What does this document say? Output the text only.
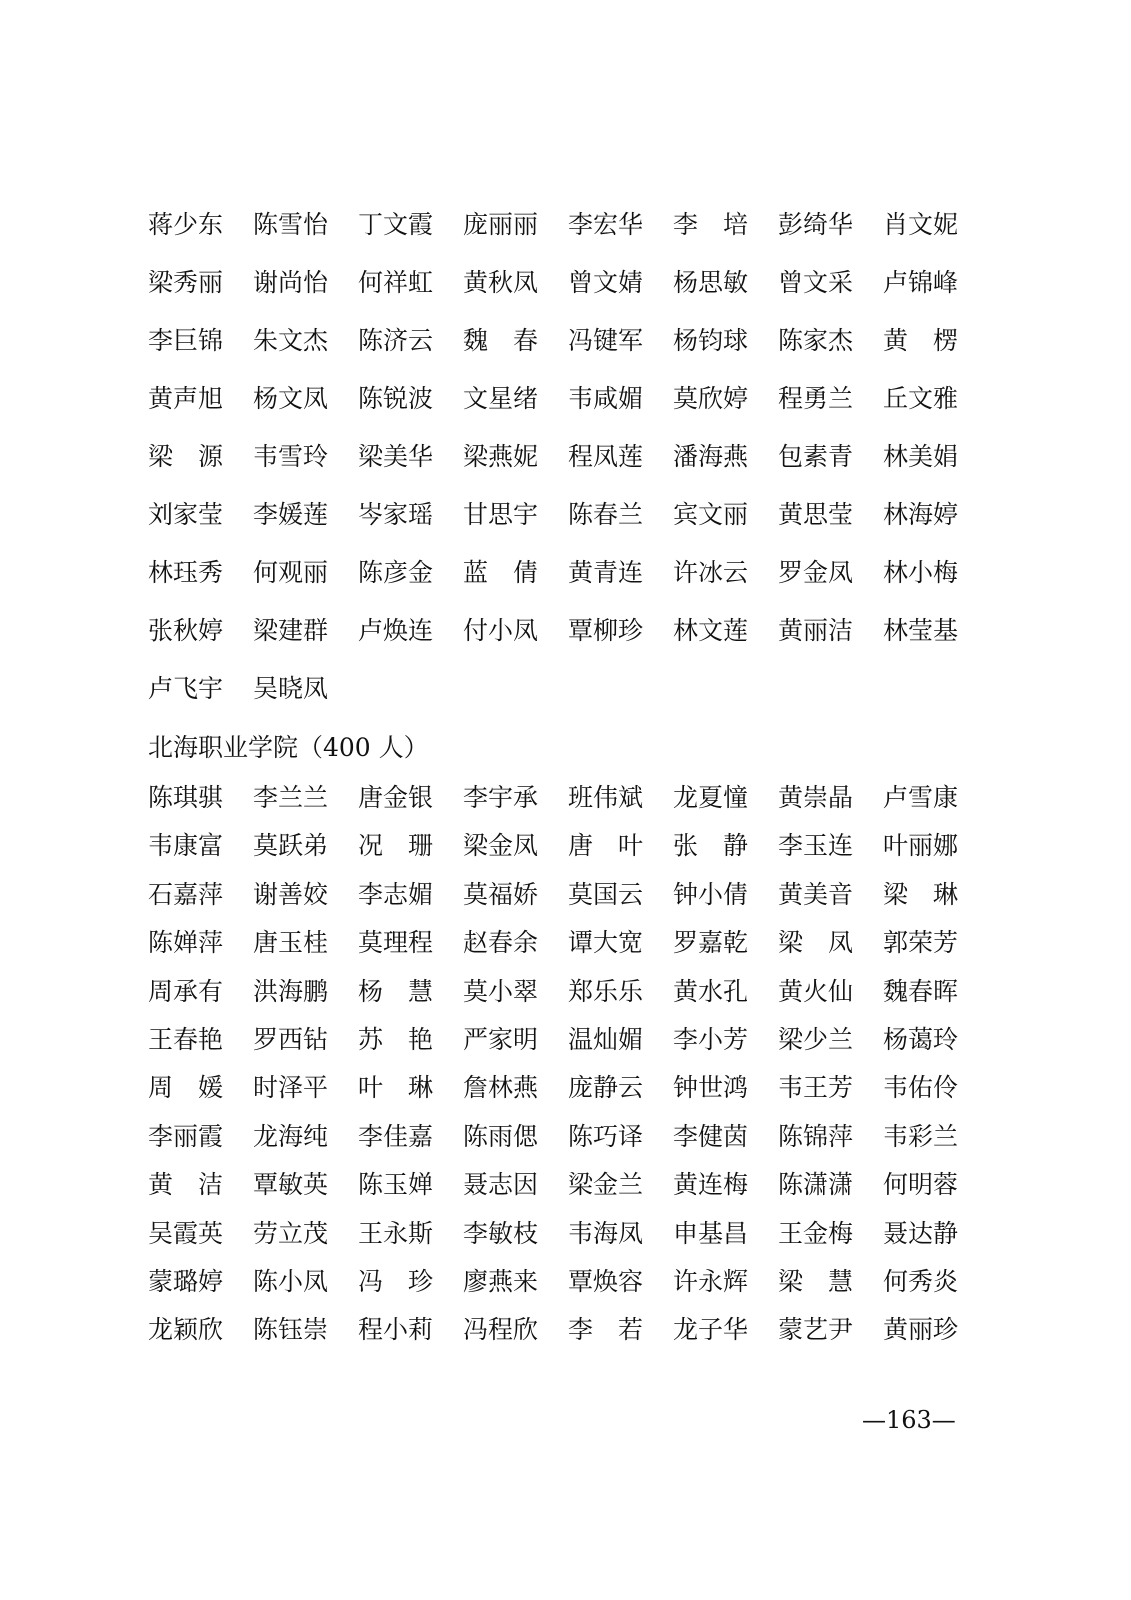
蒋少东	陈雪怡	丁文霞	庞丽丽	李宏华	李　培	彭绮华	肖文妮
梁秀丽	谢尚怡	何祥虹	黄秋凤	曾文婧	杨思敏	曾文采	卢锦峰
李巨锦	朱文杰	陈济云	魏　春	冯键军	杨钧球	陈家杰	黄　楞
黄声旭	杨文凤	陈锐波	文星绪	韦咸媚	莫欣婷	程勇兰	丘文雅
梁　源	韦雪玲	梁美华	梁燕妮	程凤莲	潘海燕	包素青	林美娟
刘家莹	李媛莲	岑家瑶	甘思宇	陈春兰	宾文丽	黄思莹	林海婷
林珏秀	何观丽	陈彦金	蓝　倩	黄青连	许冰云	罗金凤	林小梅
张秋婷	梁建群	卢焕连	付小凤	覃柳珍	林文莲	黄丽洁	林莹基
卢飞宇	吴晓凤
北海职业学院（400 人）
陈琪骐	李兰兰	唐金银	李宇承	班伟斌	龙夏憧	黄崇晶	卢雪康
韦康富	莫跃弟	况　珊	梁金凤	唐　叶	张　静	李玉连	叶丽娜
石嘉萍	谢善姣	李志媚	莫福娇	莫国云	钟小倩	黄美音	梁　琳
陈婵萍	唐玉桂	莫理程	赵春余	谭大宽	罗嘉乾	梁　凤	郭荣芳
周承有	洪海鹏	杨　慧	莫小翠	郑乐乐	黄水孔	黄火仙	魏春晖
王春艳	罗西钻	苏　艳	严家明	温灿媚	李小芳	梁少兰	杨蔼玲
周　媛	时泽平	叶　琳	詹林燕	庞静云	钟世鸿	韦王芳	韦佑伶
李丽霞	龙海纯	李佳嘉	陈雨偲	陈巧译	李健茵	陈锦萍	韦彩兰
黄　洁	覃敏英	陈玉婵	聂志因	梁金兰	黄连梅	陈潇潇	何明蓉
吴霞英	劳立茂	王永斯	李敏枝	韦海凤	申基昌	王金梅	聂达静
蒙璐婷	陈小凤	冯　珍	廖燕来	覃焕容	许永辉	梁　慧	何秀炎
龙颖欣	陈钰崇	程小莉	冯程欣	李　若	龙子华	蒙艺尹	黄丽珍
—163—
